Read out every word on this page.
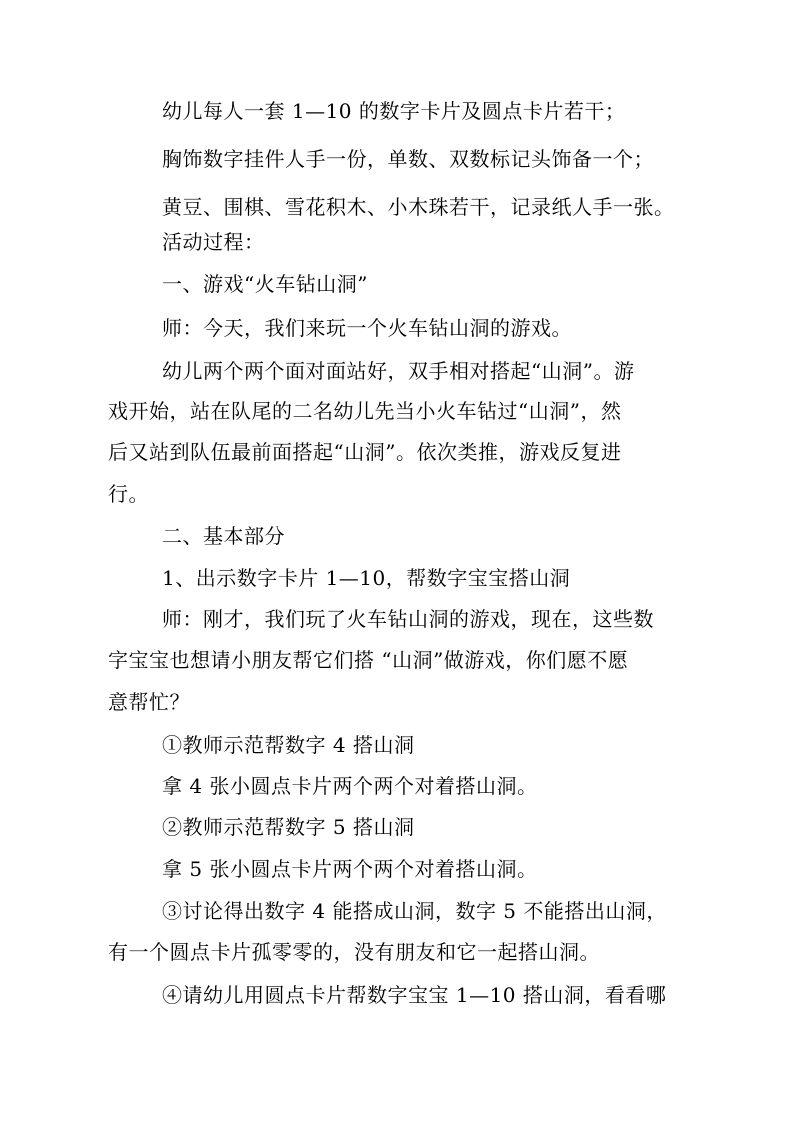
幼儿每人一套 1—10 的数字卡片及圆点卡片若干；
胸饰数字挂件人手一份，单数、双数标记头饰备一个；
黄豆、围棋、雪花积木、小木珠若干，记录纸人手一张。
活动过程：
一、游戏“火车钻山洞”
师：今天，我们来玩一个火车钻山洞的游戏。
幼儿两个两个面对面站好，双手相对搭起“山洞”。游
戏开始，站在队尾的二名幼儿先当小火车钻过“山洞”，然
后又站到队伍最前面搭起“山洞”。依次类推，游戏反复进
行。
二、基本部分
1、出示数字卡片 1—10，帮数字宝宝搭山洞
师：刚才，我们玩了火车钻山洞的游戏，现在，这些数
字宝宝也想请小朋友帮它们搭 “山洞”做游戏，你们愿不愿
意帮忙？
①教师示范帮数字 4 搭山洞
拿 4 张小圆点卡片两个两个对着搭山洞。
②教师示范帮数字 5 搭山洞
拿 5 张小圆点卡片两个两个对着搭山洞。
③讨论得出数字 4 能搭成山洞，数字 5 不能搭出山洞，
有一个圆点卡片孤零零的，没有朋友和它一起搭山洞。
④请幼儿用圆点卡片帮数字宝宝 1—10 搭山洞，看看哪
